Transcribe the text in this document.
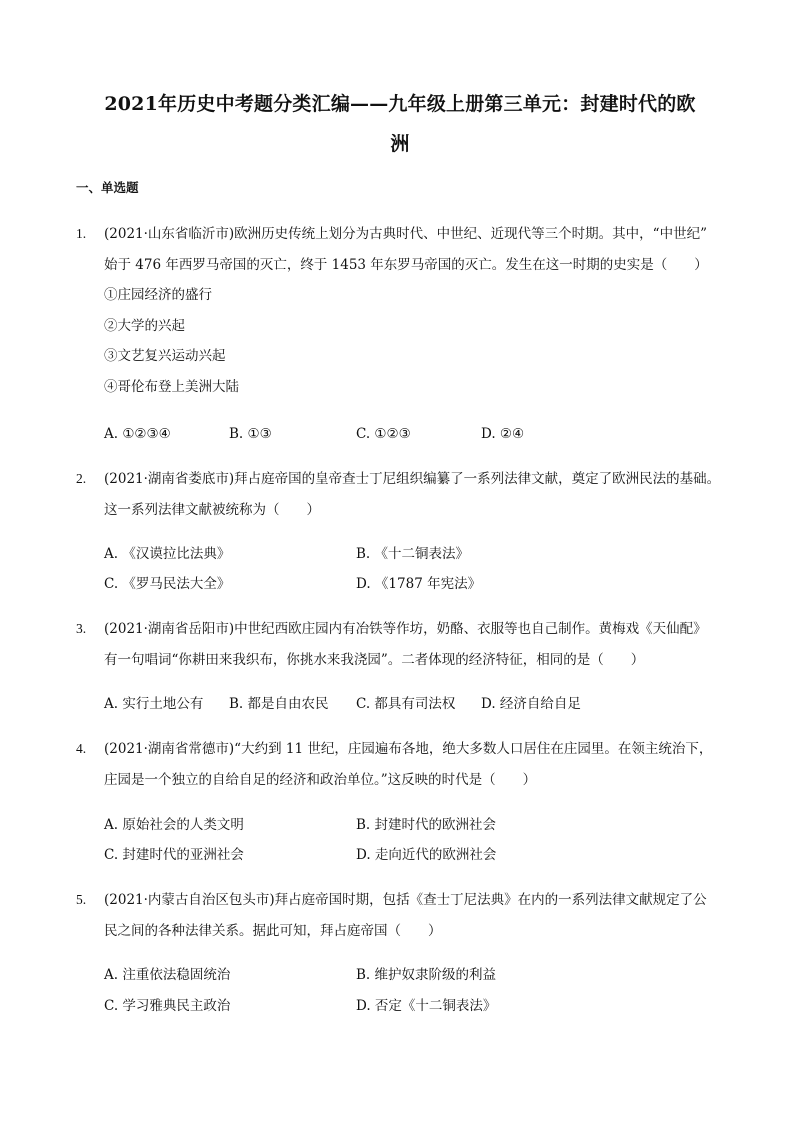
2021年历史中考题分类汇编——九年级上册第三单元：封建时代的欧
洲
一、单选题
1.	(2021·山东省临沂市)欧洲历史传统上划分为古典时代、中世纪、近现代等三个时期。其中，“中世纪”
始于 476 年西罗马帝国的灭亡，终于 1453 年东罗马帝国的灭亡。发生在这一时期的史实是（　　）
①庄园经济的盛行
②大学的兴起
③文艺复兴运动兴起
④哥伦布登上美洲大陆
A. ①②③④	B. ①③	C. ①②③	D. ②④
2.	(2021·湖南省娄底市)拜占庭帝国的皇帝查士丁尼组织编纂了一系列法律文献，奠定了欧洲民法的基础。
这一系列法律文献被统称为（　　）
A. 《汉谟拉比法典》	B. 《十二铜表法》
C. 《罗马民法大全》	D. 《1787 年宪法》
3.	(2021·湖南省岳阳市)中世纪西欧庄园内有冶铁等作坊，奶酪、衣服等也自己制作。黄梅戏《天仙配》
有一句唱词“你耕田来我织布，你挑水来我浇园”。二者体现的经济特征，相同的是（　　）
A. 实行土地公有 B. 都是自由农民 C. 都具有司法权 D. 经济自给自足
4.	(2021·湖南省常德市)“大约到 11 世纪，庄园遍布各地，绝大多数人口居住在庄园里。在领主统治下，
庄园是一个独立的自给自足的经济和政治单位。”这反映的时代是（　　）
A. 原始社会的人类文明	B. 封建时代的欧洲社会
C. 封建时代的亚洲社会	D. 走向近代的欧洲社会
5.	(2021·内蒙古自治区包头市)拜占庭帝国时期，包括《查士丁尼法典》在内的一系列法律文献规定了公
民之间的各种法律关系。据此可知，拜占庭帝国（　　）
A. 注重依法稳固统治	B. 维护奴隶阶级的利益
C. 学习雅典民主政治	D. 否定《十二铜表法》
